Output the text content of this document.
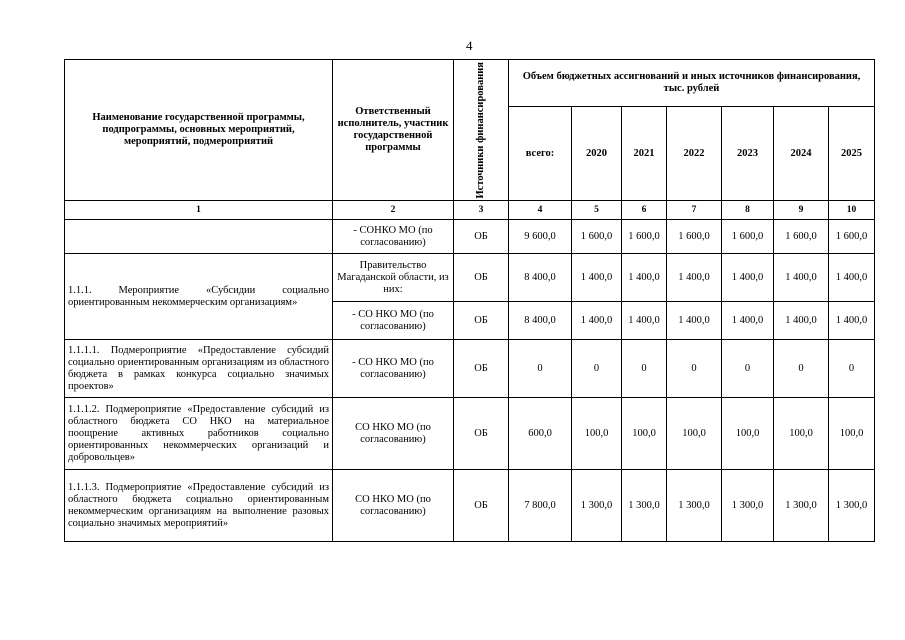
4
Наименование государственной программы, подпрограммы, основных мероприятий, мероприятий, подмероприятий	Ответственный исполнитель, участник государственной программы	Источники финансирования	Объем бюджетных ассигнований и иных источников финансирования, тыс. рублей						
			всего:	2020	2021	2022	2023	2024	2025
1	2	3	4	5	6	7	8	9	10
	- СОНКО МО (по согласованию)	ОБ	9 600,0	1 600,0	1 600,0	1 600,0	1 600,0	1 600,0	1 600,0
1.1.1. Мероприятие «Субсидии социально ориентированным некоммерческим организациям»	Правительство Магаданской области, из них:	ОБ	8 400,0	1 400,0	1 400,0	1 400,0	1 400,0	1 400,0	1 400,0
	- СО НКО МО (по согласованию)	ОБ	8 400,0	1 400,0	1 400,0	1 400,0	1 400,0	1 400,0	1 400,0
1.1.1.1. Подмероприятие «Предоставление субсидий социально ориентированным организациям из областного бюджета в рамках конкурса социально значимых проектов»	- СО НКО МО (по согласованию)	ОБ	0	0	0	0	0	0	0
1.1.1.2. Подмероприятие «Предоставление субсидий из областного бюджета СО НКО на материальное поощрение активных работников социально ориентированных некоммерческих организаций и добровольцев»	СО НКО МО (по согласованию)	ОБ	600,0	100,0	100,0	100,0	100,0	100,0	100,0
1.1.1.3. Подмероприятие «Предоставление субсидий из областного бюджета социально ориентированным некоммерческим организациям на выполнение разовых социально значимых мероприятий»	СО НКО МО (по согласованию)	ОБ	7 800,0	1 300,0	1 300,0	1 300,0	1 300,0	1 300,0	1 300,0
